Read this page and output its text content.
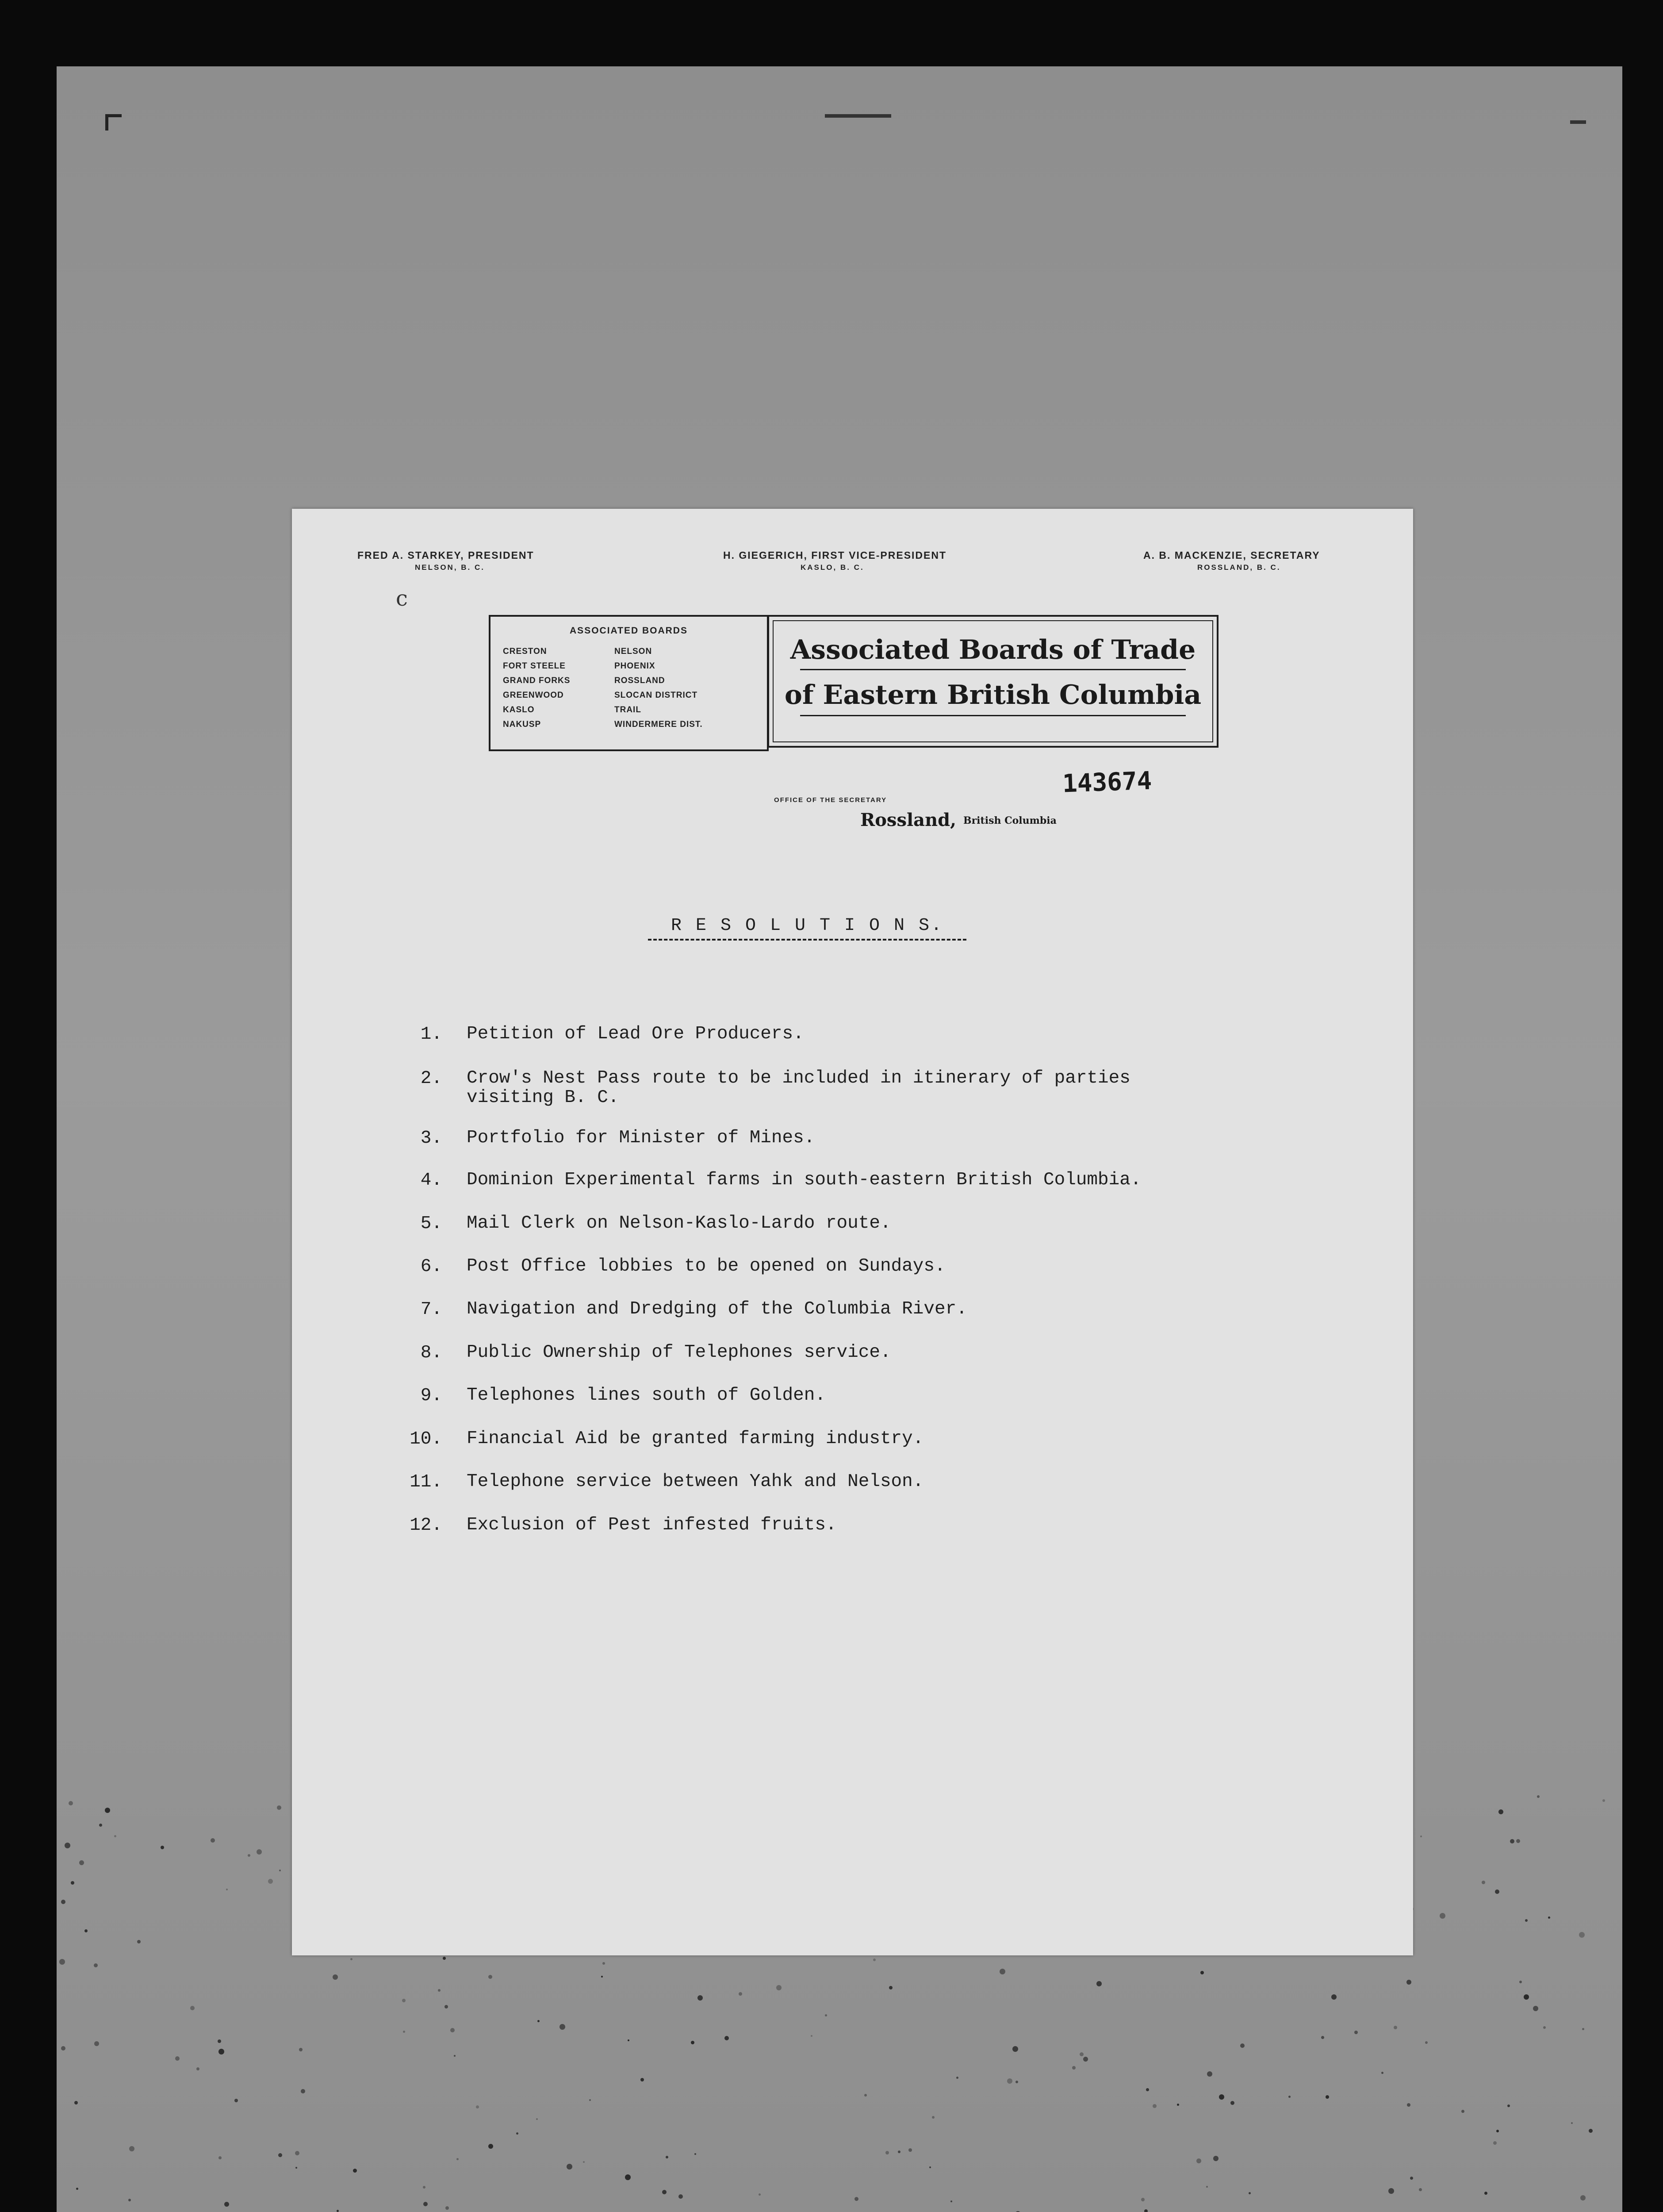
FRED A. STARKEY, PRESIDENT
NELSON, B. C.
H. GIEGERICH, FIRST VICE-PRESIDENT
KASLO, B. C.
A. B. MACKENZIE, SECRETARY
ROSSLAND, B. C.
c
ASSOCIATED BOARDS
CRESTON
FORT STEELE
GRAND FORKS
GREENWOOD
KASLO
NAKUSP
NELSON
PHOENIX
ROSSLAND
SLOCAN DISTRICT
TRAIL
WINDERMERE DIST.
Associated Boards of Trade
of Eastern British Columbia
OFFICE OF THE SECRETARY
Rossland, British Columbia
143674
R E S O L U T I O N S.
1. Petition of Lead Ore Producers.
2. Crow's Nest Pass route to be included in itinerary of parties
visiting B. C.
3. Portfolio for Minister of Mines.
4. Dominion Experimental farms in south-eastern British Columbia.
5. Mail Clerk on Nelson-Kaslo-Lardo route.
6. Post Office lobbies to be opened on Sundays.
7. Navigation and Dredging of the Columbia River.
8. Public Ownership of Telephones service.
9. Telephones lines south of Golden.
10. Financial Aid be granted farming industry.
11. Telephone service between Yahk and Nelson.
12. Exclusion of Pest infested fruits.
